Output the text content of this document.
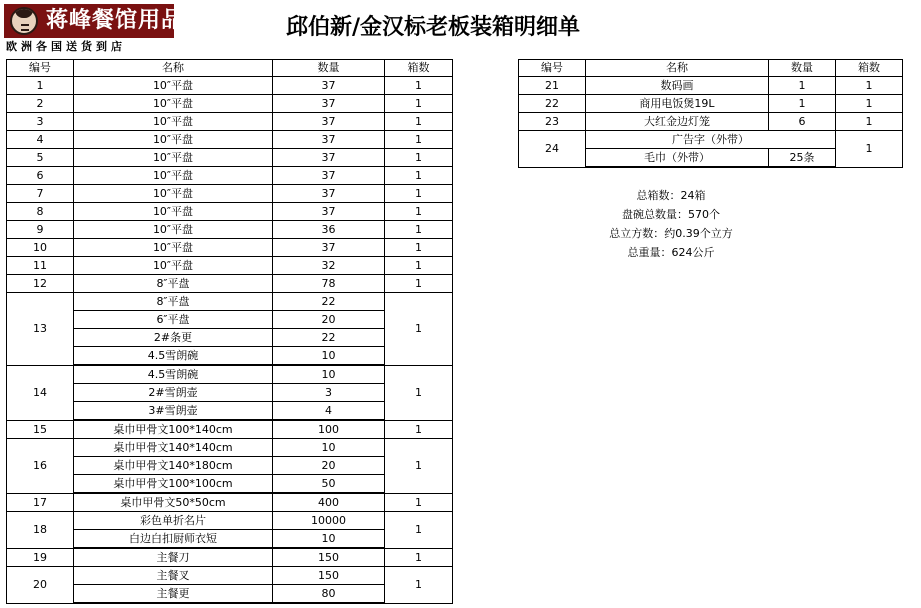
蒋峰餐馆用品
欧洲各国送货到店
邱伯新/金汉标老板装箱明细单
编号	名称	数量	箱数
1	10″平盘	37	1
2	10″平盘	37	1
3	10″平盘	37	1
4	10″平盘	37	1
5	10″平盘	37	1
6	10″平盘	37	1
7	10″平盘	37	1
8	10″平盘	37	1
9	10″平盘	36	1
10	10″平盘	37	1
11	10″平盘	32	1
12	8″平盘	78	1
13	8″平盘	22	1
	6″平盘	20	
	2#条更	22	
	4.5雪朗碗	10	
14	4.5雪朗碗	10	1
	2#雪朗壶	3	
	3#雪朗壶	4	
15	桌巾甲骨文100*140cm	100	1
16	桌巾甲骨文140*140cm	10	1
	桌巾甲骨文140*180cm	20	
	桌巾甲骨文100*100cm	50	
17	桌巾甲骨文50*50cm	400	1
18	彩色单折名片	10000	1
	白边白扣厨师衣短	10	
19	主餐刀	150	1
20	主餐叉	150	1
	主餐更	80	
编号	名称	数量	箱数
21	数码画	1	1
22	商用电饭煲19L	1	1
23	大红金边灯笼	6	1
24	广告字（外带）		1
	毛巾（外带）	25条	
总箱数：24箱
盘碗总数量：570个
总立方数：约0.39个立方
总重量：624公斤
